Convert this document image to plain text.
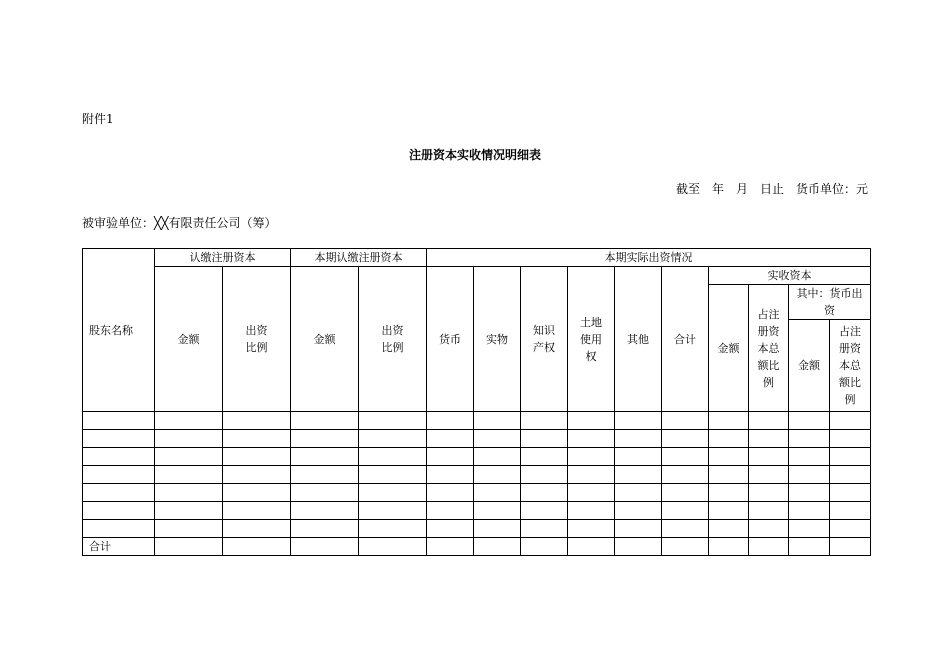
附件1
注册资本实收情况明细表
截至　年　月　日止　货币单位：元
被审验单位：╳╳有限责任公司（筹）
股东名称	认缴注册资本		本期认缴注册资本		本期实际出资情况									
	金额	出资比例	金额	出资比例	货币	实物	知识产权	土地使用权	其他	合计	实收资本			
											金额	占注册资本总额比例	其中：货币出资	

													金额	占注册资本总额比例

合计														
